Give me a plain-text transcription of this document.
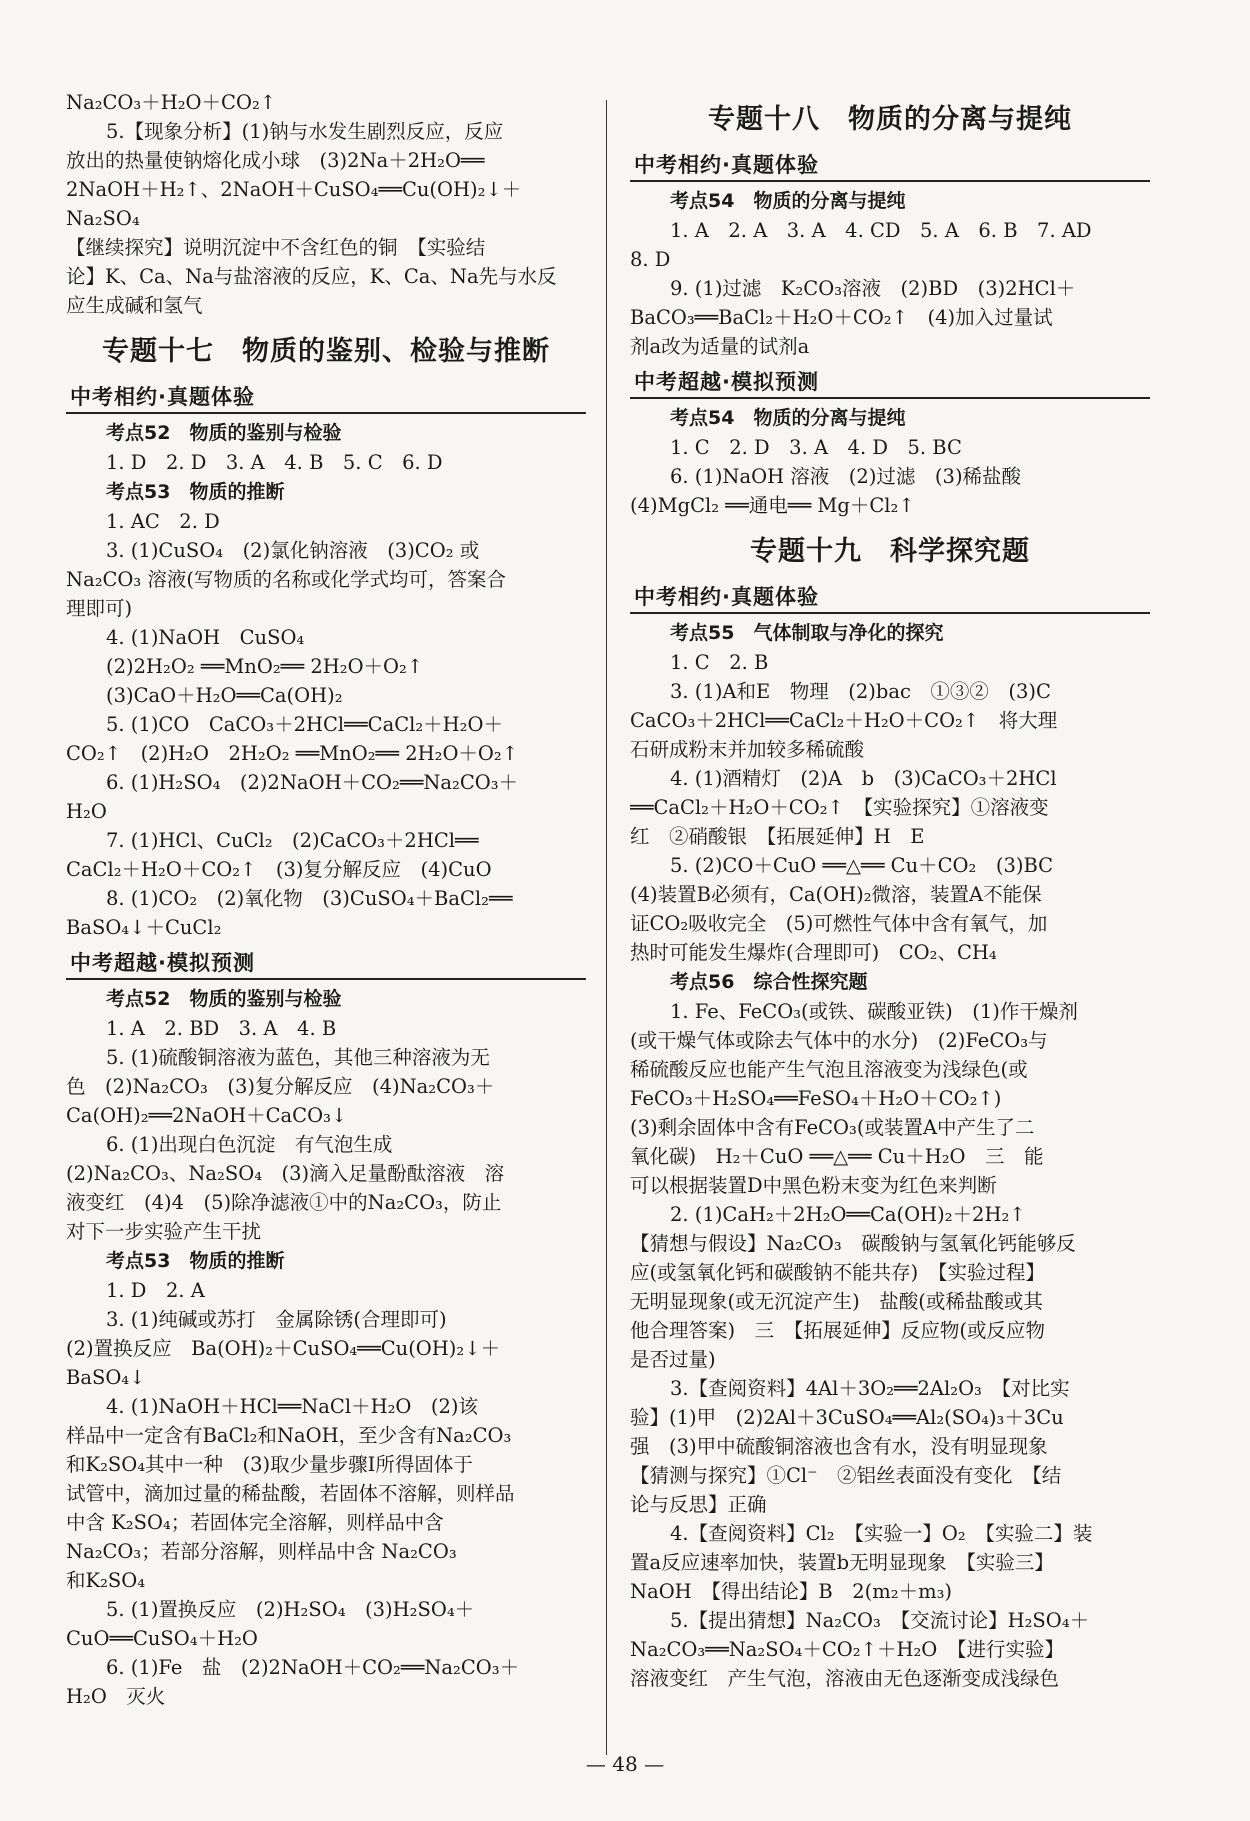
Na₂CO₃＋H₂O＋CO₂↑
5.【现象分析】(1)钠与水发生剧烈反应，反应
放出的热量使钠熔化成小球　(3)2Na＋2H₂O══
2NaOH＋H₂↑、2NaOH＋CuSO₄══Cu(OH)₂↓＋
Na₂SO₄
【继续探究】说明沉淀中不含红色的铜　【实验结
论】K、Ca、Na与盐溶液的反应，K、Ca、Na先与水反
应生成碱和氢气
专题十七　物质的鉴别、检验与推断
中考相约·真题体验
考点52　物质的鉴别与检验
1. D　2. D　3. A　4. B　5. C　6. D
考点53　物质的推断
1. AC　2. D
3. (1)CuSO₄　(2)氯化钠溶液　(3)CO₂ 或
Na₂CO₃ 溶液(写物质的名称或化学式均可，答案合
理即可)
4. (1)NaOH　CuSO₄
(2)2H₂O₂ ══MnO₂══ 2H₂O＋O₂↑
(3)CaO＋H₂O══Ca(OH)₂
5. (1)CO　CaCO₃＋2HCl══CaCl₂＋H₂O＋
CO₂↑　(2)H₂O　2H₂O₂ ══MnO₂══ 2H₂O＋O₂↑
6. (1)H₂SO₄　(2)2NaOH＋CO₂══Na₂CO₃＋
H₂O
7. (1)HCl、CuCl₂　(2)CaCO₃＋2HCl══
CaCl₂＋H₂O＋CO₂↑　(3)复分解反应　(4)CuO
8. (1)CO₂　(2)氧化物　(3)CuSO₄＋BaCl₂══
BaSO₄↓＋CuCl₂
中考超越·模拟预测
考点52　物质的鉴别与检验
1. A　2. BD　3. A　4. B
5. (1)硫酸铜溶液为蓝色，其他三种溶液为无
色　(2)Na₂CO₃　(3)复分解反应　(4)Na₂CO₃＋
Ca(OH)₂══2NaOH＋CaCO₃↓
6. (1)出现白色沉淀　有气泡生成
(2)Na₂CO₃、Na₂SO₄　(3)滴入足量酚酞溶液　溶
液变红　(4)4　(5)除净滤液①中的Na₂CO₃，防止
对下一步实验产生干扰
考点53　物质的推断
1. D　2. A
3. (1)纯碱或苏打　金属除锈(合理即可)
(2)置换反应　Ba(OH)₂＋CuSO₄══Cu(OH)₂↓＋
BaSO₄↓
4. (1)NaOH＋HCl══NaCl＋H₂O　(2)该
样品中一定含有BaCl₂和NaOH，至少含有Na₂CO₃
和K₂SO₄其中一种　(3)取少量步骤Ⅰ所得固体于
试管中，滴加过量的稀盐酸，若固体不溶解，则样品
中含 K₂SO₄；若固体完全溶解，则样品中含
Na₂CO₃；若部分溶解，则样品中含 Na₂CO₃
和K₂SO₄
5. (1)置换反应　(2)H₂SO₄　(3)H₂SO₄＋
CuO══CuSO₄＋H₂O
6. (1)Fe　盐　(2)2NaOH＋CO₂══Na₂CO₃＋
H₂O　灭火
专题十八　物质的分离与提纯
中考相约·真题体验
考点54　物质的分离与提纯
1. A　2. A　3. A　4. CD　5. A　6. B　7. AD
8. D
9. (1)过滤　K₂CO₃溶液　(2)BD　(3)2HCl＋
BaCO₃══BaCl₂＋H₂O＋CO₂↑　(4)加入过量试
剂a改为适量的试剂a
中考超越·模拟预测
考点54　物质的分离与提纯
1. C　2. D　3. A　4. D　5. BC
6. (1)NaOH 溶液　(2)过滤　(3)稀盐酸
(4)MgCl₂ ══通电══ Mg＋Cl₂↑
专题十九　科学探究题
中考相约·真题体验
考点55　气体制取与净化的探究
1. C　2. B
3. (1)A和E　物理　(2)bac　①③②　(3)C
CaCO₃＋2HCl══CaCl₂＋H₂O＋CO₂↑　将大理
石研成粉末并加较多稀硫酸
4. (1)酒精灯　(2)A　b　(3)CaCO₃＋2HCl
══CaCl₂＋H₂O＋CO₂↑　【实验探究】①溶液变
红　②硝酸银　【拓展延伸】H　E
5. (2)CO＋CuO ══△══ Cu＋CO₂　(3)BC
(4)装置B必须有，Ca(OH)₂微溶，装置A不能保
证CO₂吸收完全　(5)可燃性气体中含有氧气，加
热时可能发生爆炸(合理即可)　CO₂、CH₄
考点56　综合性探究题
1. Fe、FeCO₃(或铁、碳酸亚铁)　(1)作干燥剂
(或干燥气体或除去气体中的水分)　(2)FeCO₃与
稀硫酸反应也能产生气泡且溶液变为浅绿色(或
FeCO₃＋H₂SO₄══FeSO₄＋H₂O＋CO₂↑)
(3)剩余固体中含有FeCO₃(或装置A中产生了二
氧化碳)　H₂＋CuO ══△══ Cu＋H₂O　三　能
可以根据装置D中黑色粉末变为红色来判断
2. (1)CaH₂＋2H₂O══Ca(OH)₂＋2H₂↑
【猜想与假设】Na₂CO₃　碳酸钠与氢氧化钙能够反
应(或氢氧化钙和碳酸钠不能共存)　【实验过程】
无明显现象(或无沉淀产生)　盐酸(或稀盐酸或其
他合理答案)　三　【拓展延伸】反应物(或反应物
是否过量)
3.【查阅资料】4Al＋3O₂══2Al₂O₃　【对比实
验】(1)甲　(2)2Al＋3CuSO₄══Al₂(SO₄)₃＋3Cu
强　(3)甲中硫酸铜溶液也含有水，没有明显现象
【猜测与探究】①Cl⁻　②铝丝表面没有变化　【结
论与反思】正确
4.【查阅资料】Cl₂　【实验一】O₂　【实验二】装
置a反应速率加快，装置b无明显现象　【实验三】
NaOH　【得出结论】B　2(m₂＋m₃)
5.【提出猜想】Na₂CO₃　【交流讨论】H₂SO₄＋
Na₂CO₃══Na₂SO₄＋CO₂↑＋H₂O　【进行实验】
溶液变红　产生气泡，溶液由无色逐渐变成浅绿色
— 48 —
